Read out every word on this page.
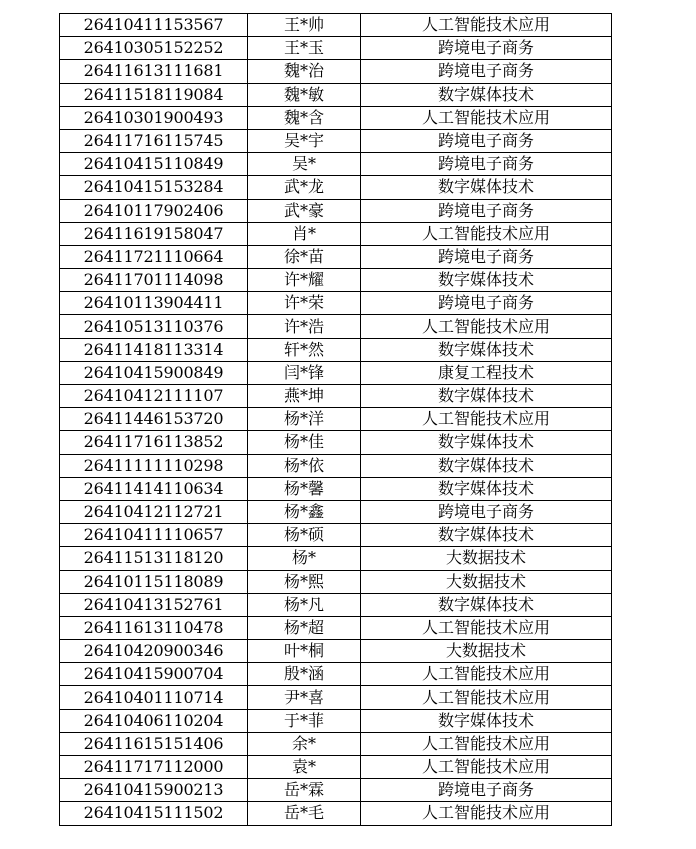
26410411153567	王*帅	人工智能技术应用
26410305152252	王*玉	跨境电子商务
26411613111681	魏*治	跨境电子商务
26411518119084	魏*敏	数字媒体技术
26410301900493	魏*含	人工智能技术应用
26411716115745	吴*宇	跨境电子商务
26410415110849	吴*	跨境电子商务
26410415153284	武*龙	数字媒体技术
26410117902406	武*豪	跨境电子商务
26411619158047	肖*	人工智能技术应用
26411721110664	徐*苗	跨境电子商务
26411701114098	许*耀	数字媒体技术
26410113904411	许*荣	跨境电子商务
26410513110376	许*浩	人工智能技术应用
26411418113314	轩*然	数字媒体技术
26410415900849	闫*锋	康复工程技术
26410412111107	燕*坤	数字媒体技术
26411446153720	杨*洋	人工智能技术应用
26411716113852	杨*佳	数字媒体技术
26411111110298	杨*依	数字媒体技术
26411414110634	杨*馨	数字媒体技术
26410412112721	杨*鑫	跨境电子商务
26410411110657	杨*硕	数字媒体技术
26411513118120	杨*	大数据技术
26410115118089	杨*熙	大数据技术
26410413152761	杨*凡	数字媒体技术
26411613110478	杨*超	人工智能技术应用
26410420900346	叶*桐	大数据技术
26410415900704	殷*涵	人工智能技术应用
26410401110714	尹*喜	人工智能技术应用
26410406110204	于*菲	数字媒体技术
26411615151406	余*	人工智能技术应用
26411717112000	袁*	人工智能技术应用
26410415900213	岳*霖	跨境电子商务
26410415111502	岳*毛	人工智能技术应用
